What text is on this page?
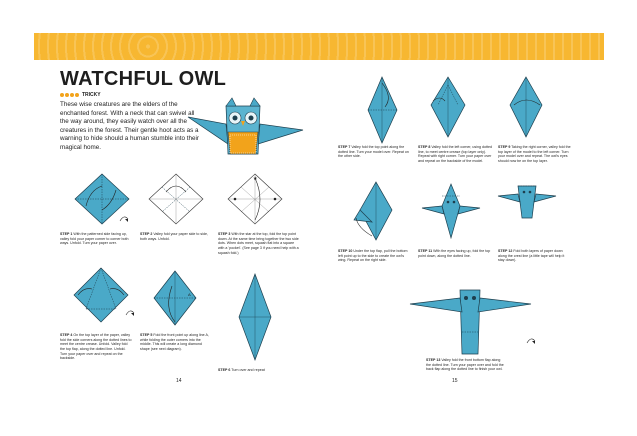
WATCHFUL OWL
TRICKY

These wise creatures are the elders of the enchanted forest. With a neck that can swivel all the way around, they easily watch over all the creatures in the forest. Their gentle hoot acts as a warning to hide should a human stumble into their magical home.

★
A
STEP 1 With the patterned side facing up, valley fold your paper corner to corner both ways. Unfold. Turn your paper over.
STEP 2 Valley fold your paper side to side, both ways. Unfold.
STEP 3 With the star at the top, fold the top point down. At the same time bring together the two side dots. When dots meet, squash flat into a square with a 'pocket'. (See page 3 if you need help with a squash fold.)
STEP 4 On the top layer of the paper, valley fold the side corners along the dotted lines to meet the centre crease. Unfold. Valley fold the top flap, along the dotted line. Unfold. Turn your paper over and repeat on the backside.
STEP 5 Fold the front point up along line A, while folding the outer corners into the middle. This will create a long diamond shape (see next diagram).
STEP 6 Turn over and repeat
STEP 7 Valley fold the top point along the dotted line. Turn your model over. Repeat on the other side.
STEP 8 Valley fold the left corner, using dotted line, to meet centre crease (top layer only). Repeat with right corner. Turn your paper over and repeat on the backside of the model.
STEP 9 Taking the right corner, valley fold the top layer of the model to the left corner. Turn your model over and repeat. The owl's eyes should now be on the top layer.
STEP 10 Under the top flap, pull the bottom left point up to the side to create the owl's wing. Repeat on the right side.
STEP 11 With the eyes facing up, fold the top point down, along the dotted line.
STEP 12 Fold both layers of paper down along the crest line (a little tape will help it stay down).
STEP 13 Valley fold the front bottom flap along the dotted line. Turn your paper over and fold the back flap along the dotted line to finish your owl.
14	15
